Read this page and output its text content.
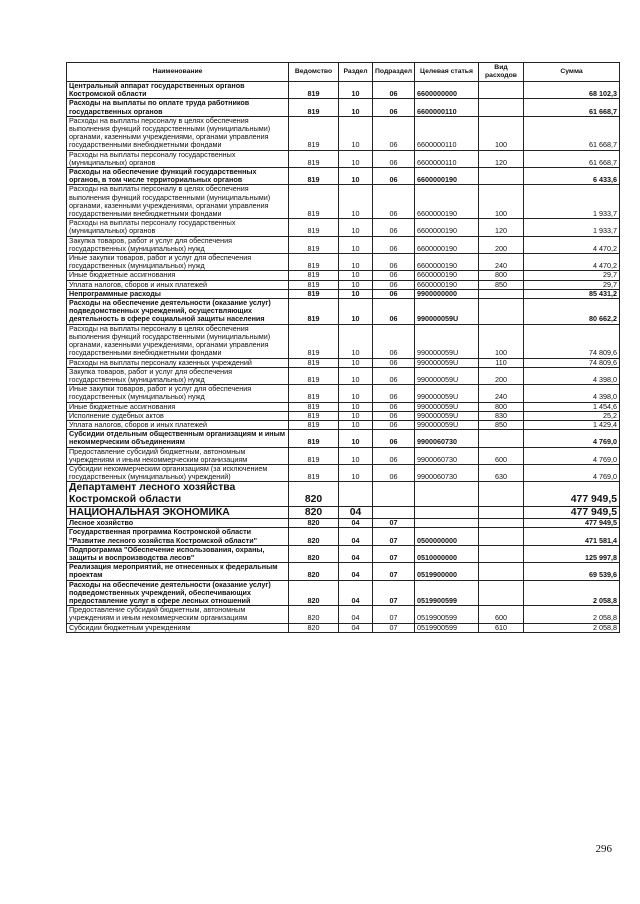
Наименование	Ведомство	Раздел	Подраздел	Целевая статья	Вид расходов	Сумма
Центральный аппарат государственных органов Костромской области	819	10	06	6600000000		68 102,3
Расходы на выплаты по оплате труда работников государственных органов	819	10	06	6600000110		61 668,7
Расходы на выплаты персоналу в целях обеспечения выполнения функций государственными (муниципальными) органами, казенными учреждениями, органами управления государственными внебюджетными фондами	819	10	06	6600000110	100	61 668,7
Расходы на выплаты персоналу государственных (муниципальных) органов	819	10	06	6600000110	120	61 668,7
Расходы на обеспечение функций государственных органов, в том числе территориальных органов	819	10	06	6600000190		6 433,6
Расходы на выплаты персоналу в целях обеспечения выполнения функций государственными (муниципальными) органами, казенными учреждениями, органами управления государственными внебюджетными фондами	819	10	06	6600000190	100	1 933,7
Расходы на выплаты персоналу государственных (муниципальных) органов	819	10	06	6600000190	120	1 933,7
Закупка товаров, работ и услуг для обеспечения государственных (муниципальных) нужд	819	10	06	6600000190	200	4 470,2
Иные закупки товаров, работ и услуг для обеспечения государственных (муниципальных) нужд	819	10	06	6600000190	240	4 470,2
Иные бюджетные ассигнования	819	10	06	6600000190	800	29,7
Уплата налогов, сборов и иных платежей	819	10	06	6600000190	850	29,7
Непрограммные расходы	819	10	06	9900000000		85 431,2
Расходы на обеспечение деятельности (оказание услуг) подведомственных учреждений, осуществляющих деятельность в сфере социальной защиты населения	819	10	06	990000059U		80 662,2
Расходы на выплаты персоналу в целях обеспечения выполнения функций государственными (муниципальными) органами, казенными учреждениями, органами управления государственными внебюджетными фондами	819	10	06	990000059U	100	74 809,6
Расходы на выплаты персоналу казенных учреждений	819	10	06	990000059U	110	74 809,6
Закупка товаров, работ и услуг для обеспечения государственных (муниципальных) нужд	819	10	06	990000059U	200	4 398,0
Иные закупки товаров, работ и услуг для обеспечения государственных (муниципальных) нужд	819	10	06	990000059U	240	4 398,0
Иные бюджетные ассигнования	819	10	06	990000059U	800	1 454,6
Исполнение судебных актов	819	10	06	990000059U	830	25,2
Уплата налогов, сборов и иных платежей	819	10	06	990000059U	850	1 429,4
Субсидии отдельным общественным организациям и иным некоммерческим объединениям	819	10	06	9900060730		4 769,0
Предоставление субсидий бюджетным, автономным учреждениям и иным некоммерческим организациям	819	10	06	9900060730	600	4 769,0
Субсидии некоммерческим организациям (за исключением государственных (муниципальных) учреждений)	819	10	06	9900060730	630	4 769,0
Департамент лесного хозяйства Костромской области	820					477 949,5
НАЦИОНАЛЬНАЯ ЭКОНОМИКА	820	04				477 949,5
Лесное хозяйство	820	04	07			477 949,5
Государственная программа Костромской области "Развитие лесного хозяйства Костромской области"	820	04	07	0500000000		471 581,4
Подпрограмма "Обеспечение использования, охраны, защиты и воспроизводства лесов"	820	04	07	0510000000		125 997,8
Реализация мероприятий, не отнесенных к федеральным проектам	820	04	07	0519900000		69 539,6
Расходы на обеспечение деятельности (оказание услуг) подведомственных учреждений, обеспечивающих предоставление услуг в сфере лесных отношений	820	04	07	0519900599		2 058,8
Предоставление субсидий бюджетным, автономным учреждениям и иным некоммерческим организациям	820	04	07	0519900599	600	2 058,8
Субсидии бюджетным учреждениям	820	04	07	0519900599	610	2 058,8
296
